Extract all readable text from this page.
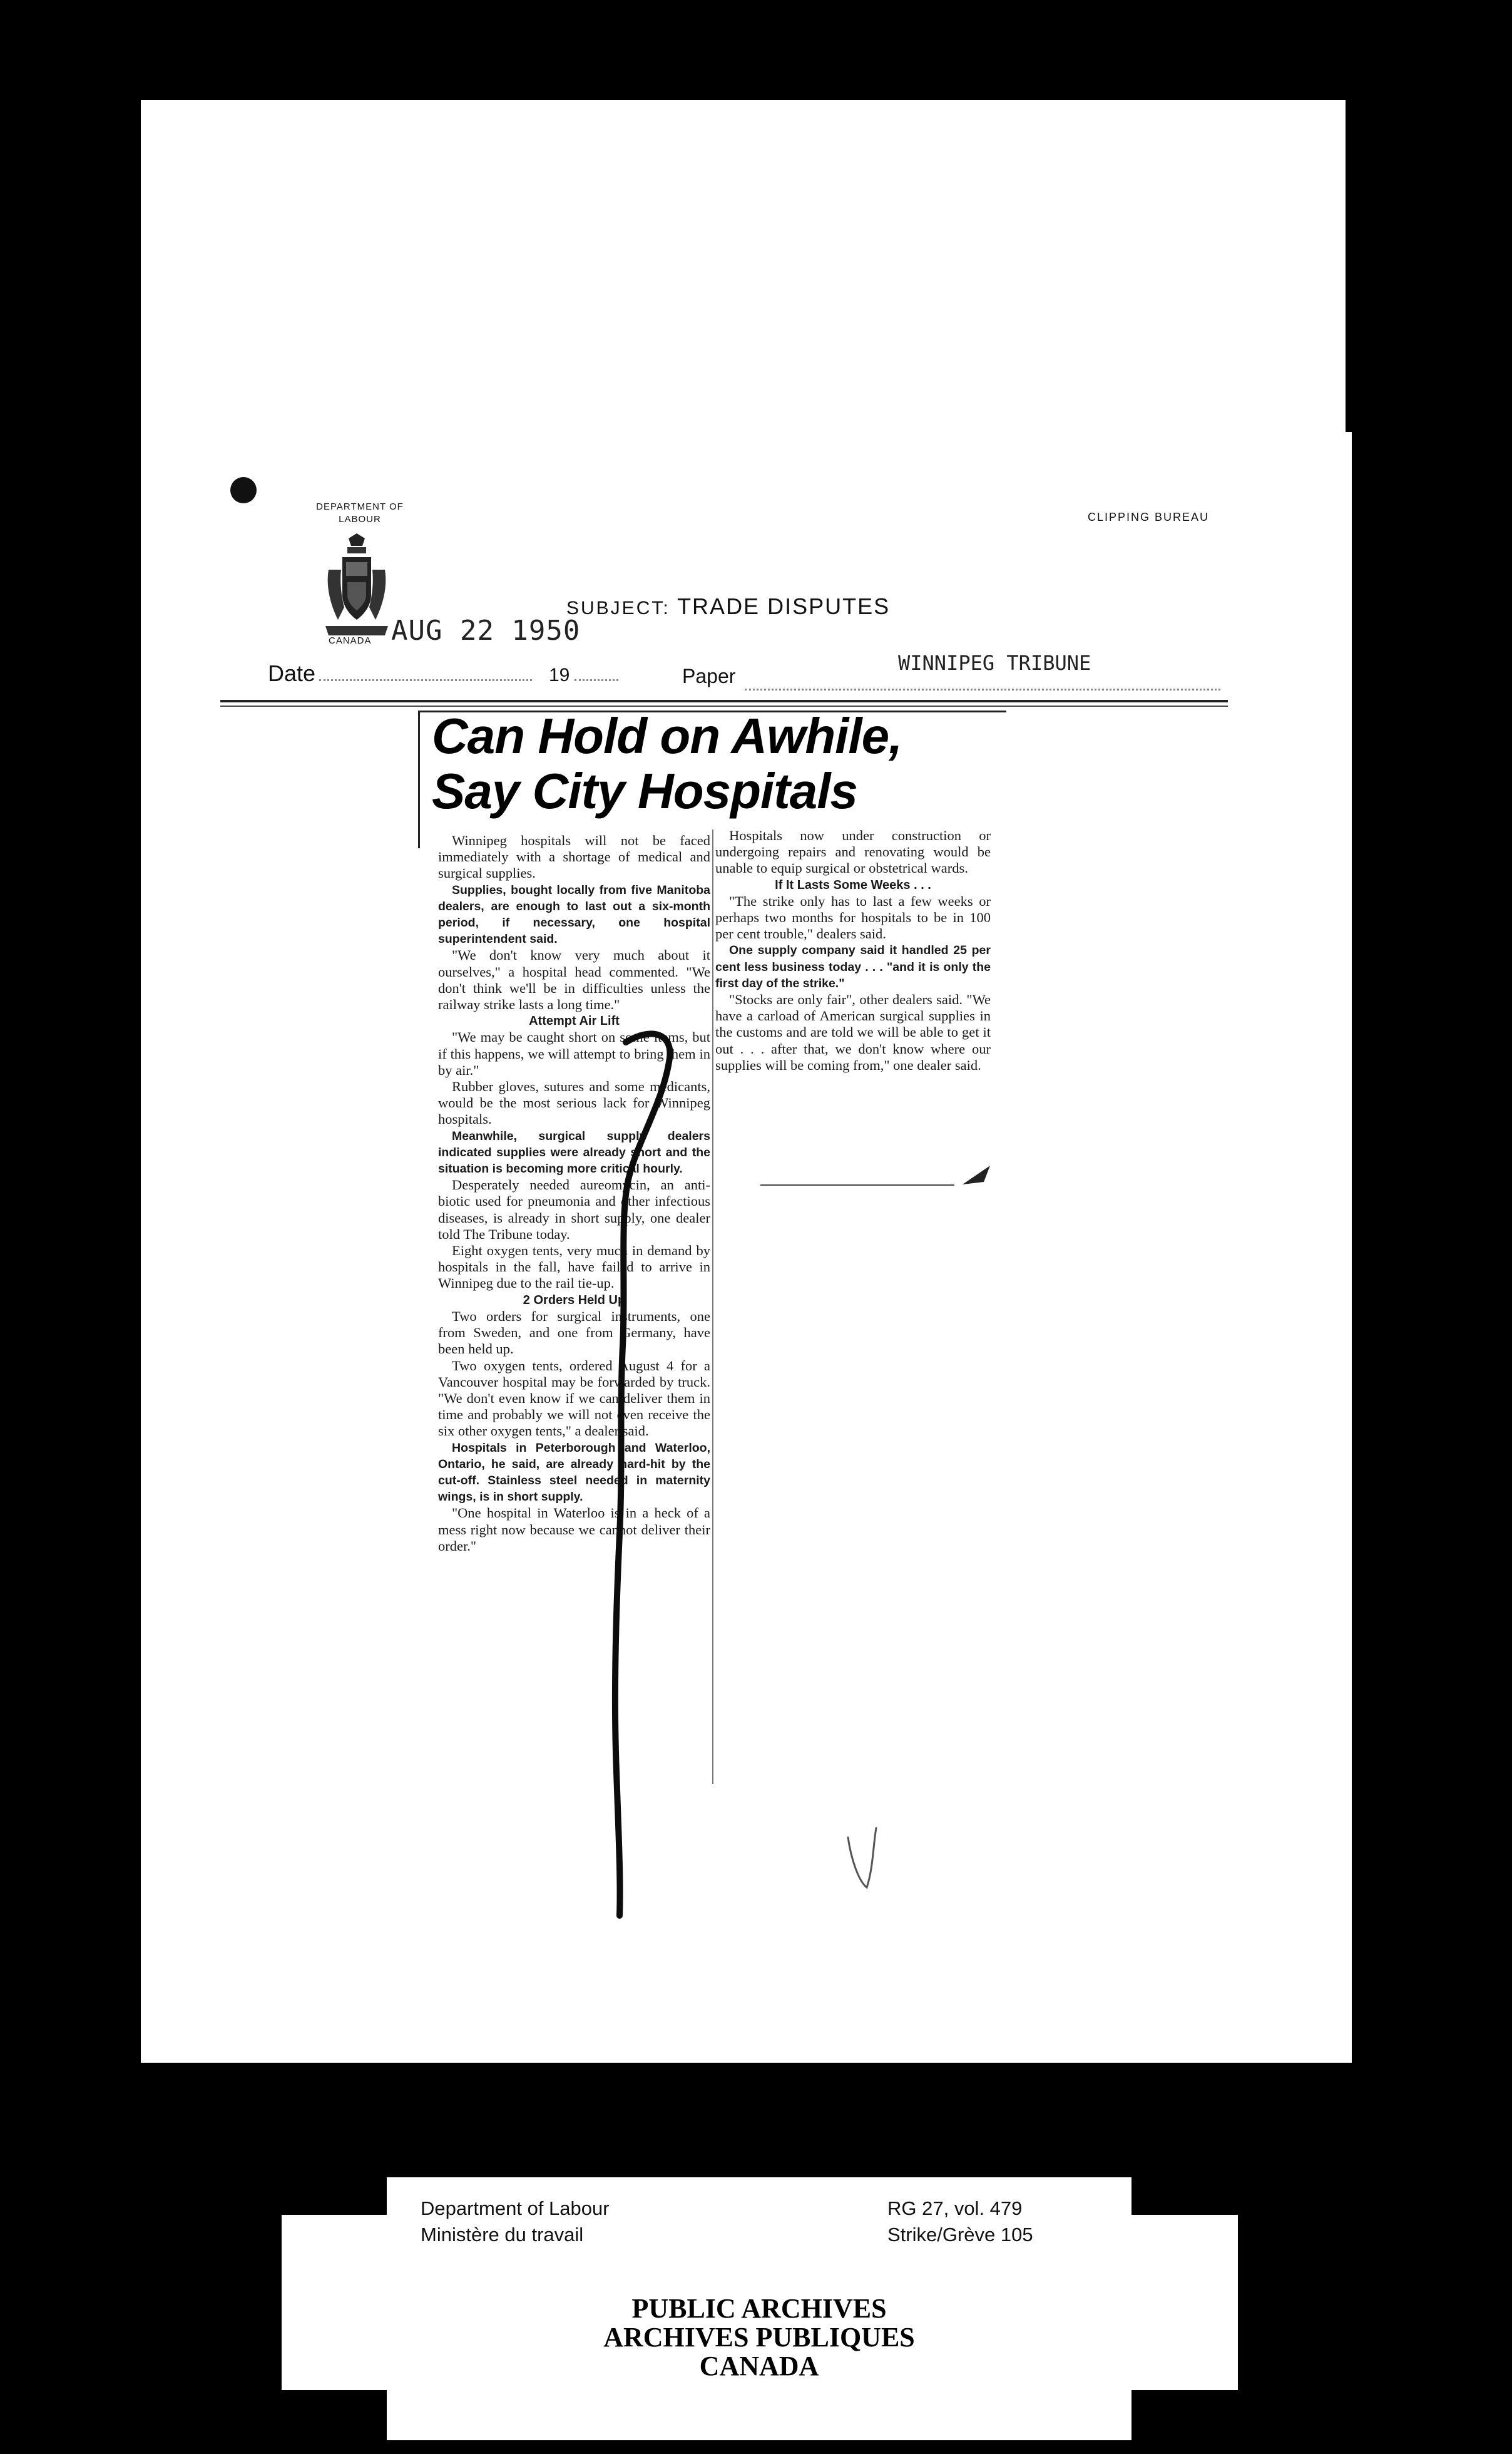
DEPARTMENT OF LABOUR
CANADA AUG 22 1950
CLIPPING BUREAU
SUBJECT: TRADE DISPUTES
Date	19	Paper
WINNIPEG TRIBUNE
Can Hold on Awhile,
Say City Hospitals

Winnipeg hospitals will not be faced immediately with a shortage of medical and surgical supplies.

Supplies, bought locally from five Manitoba dealers, are enough to last out a six-month period, if necessary, one hospital superintendent said.

"We don't know very much about it ourselves," a hospital head commented. "We don't think we'll be in difficulties unless the railway strike lasts a long time."

Attempt Air Lift

"We may be caught short on some items, but if this happens, we will attempt to bring them in by air."

Rubber gloves, sutures and some medicants, would be the most serious lack for Winnipeg hospitals.

Meanwhile, surgical supply dealers indicated supplies were already short and the situation is becoming more critical hourly.

Desperately needed aureomycin, an anti-biotic used for pneumonia and other infectious diseases, is already in short supply, one dealer told The Tribune today.

Eight oxygen tents, very much in demand by hospitals in the fall, have failed to arrive in Winnipeg due to the rail tie-up.

2 Orders Held Up

Two orders for surgical instruments, one from Sweden, and one from Germany, have been held up.

Two oxygen tents, ordered August 4 for a Vancouver hospital may be forwarded by truck. "We don't even know if we can deliver them in time and probably we will not even receive the six other oxygen tents," a dealer said.

Hospitals in Peterborough and Waterloo, Ontario, he said, are already hard-hit by the cut-off. Stainless steel needed in maternity wings, is in short supply.

"One hospital in Waterloo is in a heck of a mess right now because we cannot deliver their order."

Hospitals now under construction or undergoing repairs and renovating would be unable to equip surgical or obstetrical wards.

If It Lasts Some Weeks . . .

"The strike only has to last a few weeks or perhaps two months for hospitals to be in 100 per cent trouble," dealers said.

One supply company said it handled 25 per cent less business today . . . "and it is only the first day of the strike."

"Stocks are only fair", other dealers said. "We have a carload of American surgical supplies in the customs and are told we will be able to get it out . . . after that, we don't know where our supplies will be coming from," one dealer said.

Department of Labour
Ministère du travail
RG 27, vol. 479
Strike/Grève 105
PUBLIC ARCHIVES
ARCHIVES PUBLIQUES
CANADA
